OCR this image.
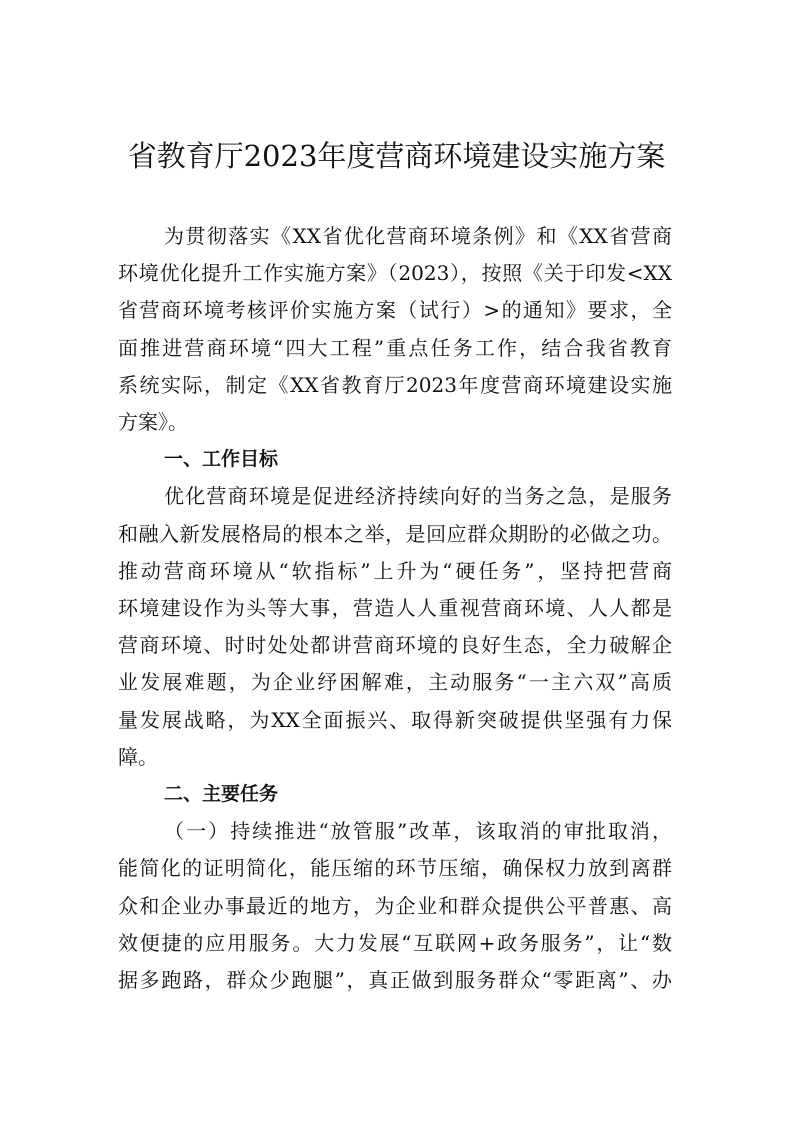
省教育厅2023年度营商环境建设实施方案
为贯彻落实《XX省优化营商环境条例》和《XX省营商
环境优化提升工作实施方案》（2023），按照《关于印发<XX
省营商环境考核评价实施方案（试行）>的通知》要求，全
面推进营商环境“四大工程”重点任务工作，结合我省教育
系统实际，制定《XX省教育厅2023年度营商环境建设实施
方案》。
一、工作目标
优化营商环境是促进经济持续向好的当务之急，是服务
和融入新发展格局的根本之举，是回应群众期盼的必做之功。
推动营商环境从“软指标”上升为“硬任务”，坚持把营商
环境建设作为头等大事，营造人人重视营商环境、人人都是
营商环境、时时处处都讲营商环境的良好生态，全力破解企
业发展难题，为企业纾困解难，主动服务“一主六双”高质
量发展战略，为XX全面振兴、取得新突破提供坚强有力保
障。
二、主要任务
（一）持续推进“放管服”改革，该取消的审批取消，
能简化的证明简化，能压缩的环节压缩，确保权力放到离群
众和企业办事最近的地方，为企业和群众提供公平普惠、高
效便捷的应用服务。大力发展“互联网+政务服务”，让“数
据多跑路，群众少跑腿”，真正做到服务群众“零距离”、办
